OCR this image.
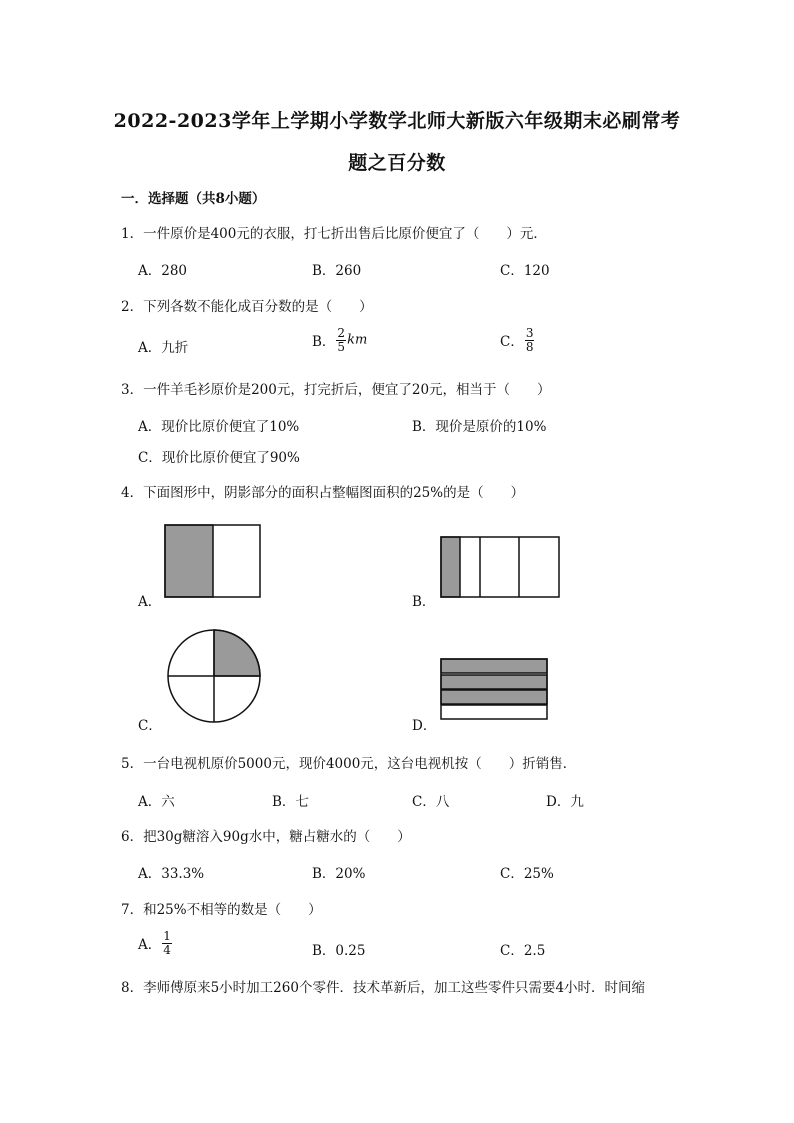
2022-2023学年上学期小学数学北师大新版六年级期末必刷常考
题之百分数
一．选择题（共8小题）
1．一件原价是400元的衣服，打七折出售后比原价便宜了（　　）元．
A．280	B．260	C．120
2．下列各数不能化成百分数的是（　　）
A．九折	B． $\frac{2}{5}$ km	C． $\frac{3}{8}$
3．一件羊毛衫原价是200元，打完折后，便宜了20元，相当于（　　）
A．现价比原价便宜了10%	B．现价是原价的10%
C．现价比原价便宜了90%
4．下面图形中，阴影部分的面积占整幅图面积的25%的是（　　）
A．	B．
C．	D．
5．一台电视机原价5000元，现价4000元，这台电视机按（　　）折销售．
A．六	B．七	C．八	D．九
6．把30g糖溶入90g水中，糖占糖水的（　　）
A．33.3%	B．20%	C．25%
7．和25%不相等的数是（　　）
A． $\frac{1}{4}$	B．0.25	C．2.5
8．李师傅原来5小时加工260个零件．技术革新后，加工这些零件只需要4小时．时间缩
